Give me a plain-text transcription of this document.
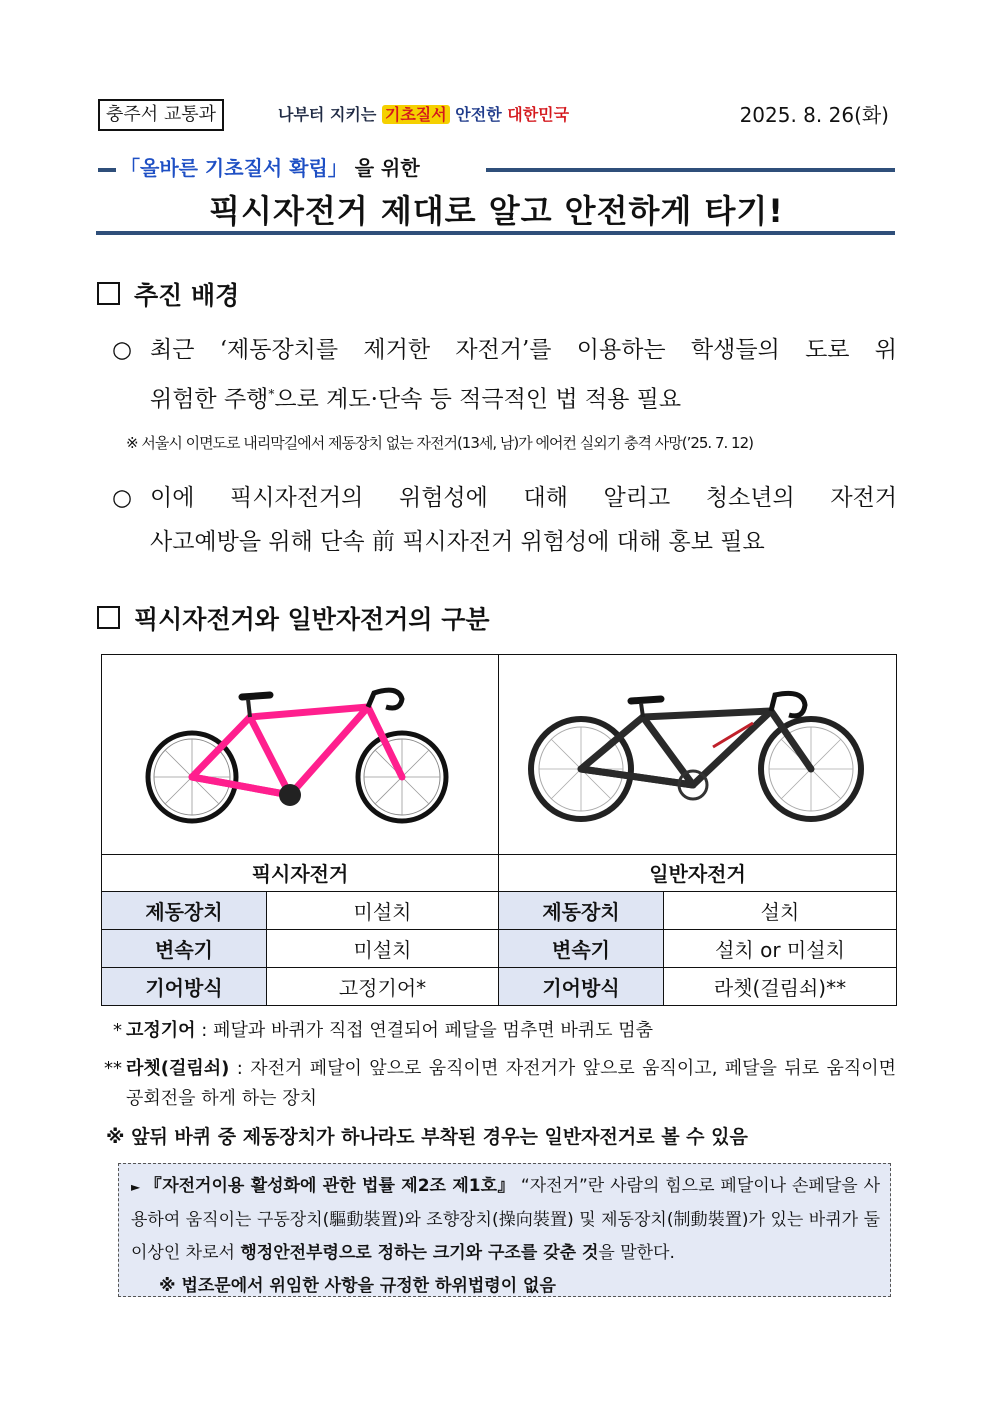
충주서 교통과	나부터 지키는 기초질서 안전한 대한민국	2025. 8. 26(화)
「올바른 기초질서 확립」 을 위한
픽시자전거 제대로 알고 안전하게 타기!
추진 배경
○ 최근 ‘제동장치를 제거한 자전거’를 이용하는 학생들의 도로 위
위험한 주행*으로 계도·단속 등 적극적인 법 적용 필요
※ 서울시 이면도로 내리막길에서 제동장치 없는 자전거(13세, 남)가 에어컨 실외기 충격 사망(’25. 7. 12)
○ 이에 픽시자전거의 위험성에 대해 알리고 청소년의 자전거
사고예방을 위해 단속 前 픽시자전거 위험성에 대해 홍보 필요
픽시자전거와 일반자전거의 구분

픽시자전거		일반자전거	
제동장치	미설치	제동장치	설치
변속기	미설치	변속기	설치 or 미설치
기어방식	고정기어*	기어방식	라쳇(걸림쇠)**
* 고정기어 : 페달과 바퀴가 직접 연결되어 페달을 멈추면 바퀴도 멈춤
** 라쳇(걸림쇠) : 자전거 페달이 앞으로 움직이면 자전거가 앞으로 움직이고, 페달을 뒤로 움직이면 공회전을 하게 하는 장치
※ 앞뒤 바퀴 중 제동장치가 하나라도 부착된 경우는 일반자전거로 볼 수 있음
► 『자전거이용 활성화에 관한 법률 제2조 제1호』 “자전거”란 사람의 힘으로 페달이나 손페달을 사용하여 움직이는 구동장치(驅動裝置)와 조향장치(操向裝置) 및 제동장치(制動裝置)가 있는 바퀴가 둘 이상인 차로서 행정안전부령으로 정하는 크기와 구조를 갖춘 것을 말한다.
※ 법조문에서 위임한 사항을 규정한 하위법령이 없음
